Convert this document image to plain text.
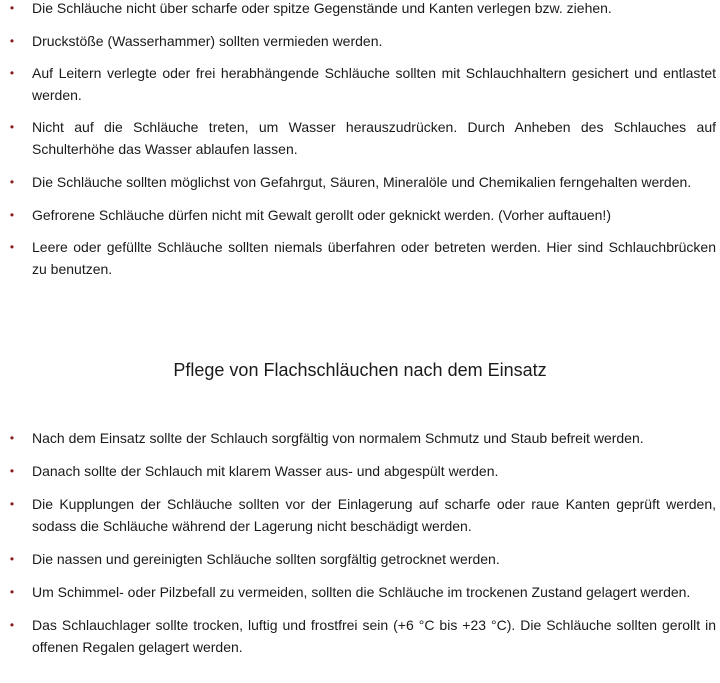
• Die Schläuche nicht über scharfe oder spitze Gegenstände und Kanten verlegen bzw. ziehen.
• Druckstöße (Wasserhammer) sollten vermieden werden.
• Auf Leitern verlegte oder frei herabhängende Schläuche sollten mit Schlauchhaltern gesichert und entlastet werden.
• Nicht auf die Schläuche treten, um Wasser herauszudrücken. Durch Anheben des Schlauches auf Schulterhöhe das Wasser ablaufen lassen.
• Die Schläuche sollten möglichst von Gefahrgut, Säuren, Mineralöle und Chemikalien ferngehalten werden.
• Gefrorene Schläuche dürfen nicht mit Gewalt gerollt oder geknickt werden. (Vorher auftauen!)
• Leere oder gefüllte Schläuche sollten niemals überfahren oder betreten werden. Hier sind Schlauchbrücken zu benutzen.
Pflege von Flachschläuchen nach dem Einsatz
• Nach dem Einsatz sollte der Schlauch sorgfältig von normalem Schmutz und Staub befreit werden.
• Danach sollte der Schlauch mit klarem Wasser aus- und abgespült werden.
• Die Kupplungen der Schläuche sollten vor der Einlagerung auf scharfe oder raue Kanten geprüft werden, sodass die Schläuche während der Lagerung nicht beschädigt werden.
• Die nassen und gereinigten Schläuche sollten sorgfältig getrocknet werden.
• Um Schimmel- oder Pilzbefall zu vermeiden, sollten die Schläuche im trockenen Zustand gelagert werden.
• Das Schlauchlager sollte trocken, luftig und frostfrei sein (+6 °C bis +23 °C). Die Schläuche sollten gerollt in offenen Regalen gelagert werden.
